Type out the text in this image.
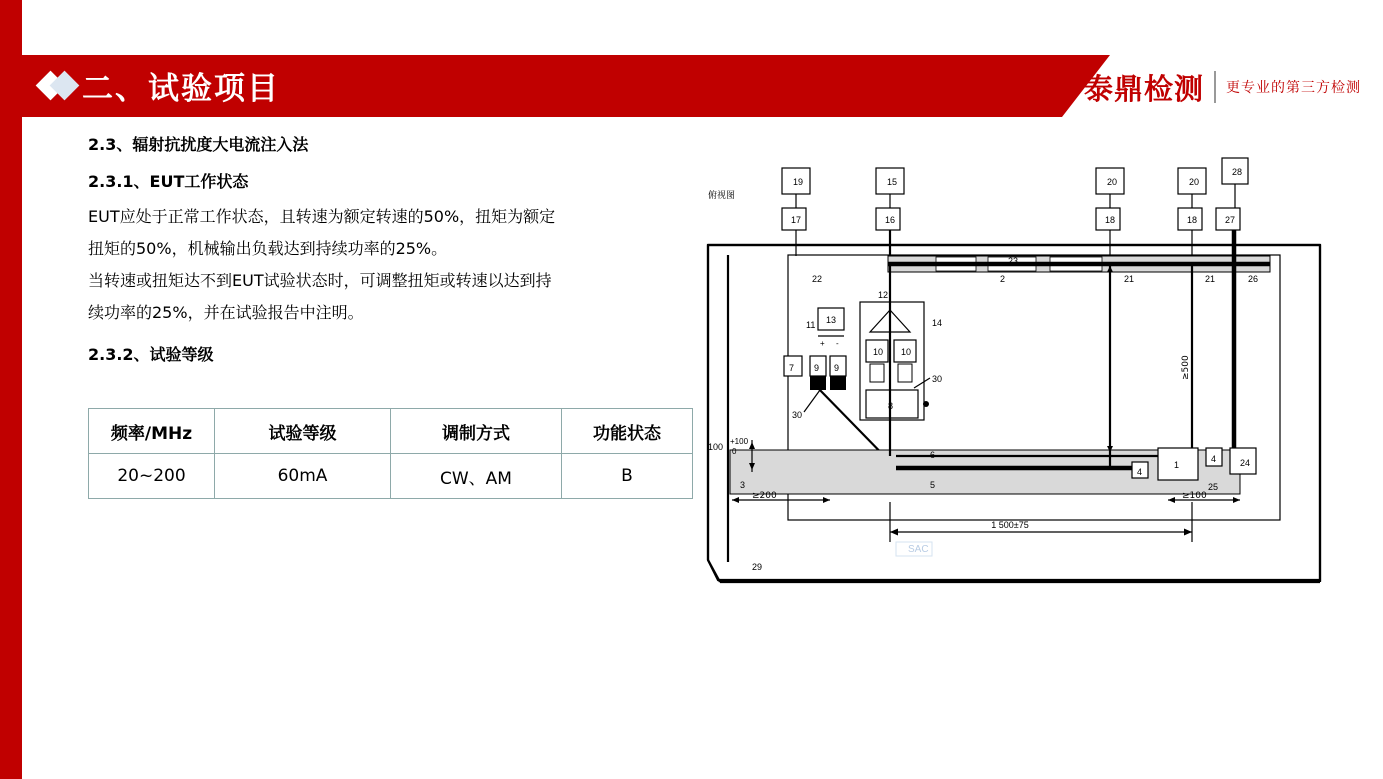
二、试验项目	泰鼎检测 更专业的第三方检测

2.3、辐射抗扰度大电流注入法

2.3.1、EUT工作状态

EUT应处于正常工作状态，且转速为额定转速的50%，扭矩为额定

扭矩的50%，机械输出负载达到持续功率的25%。

当转速或扭矩达不到EUT试验状态时，可调整扭矩或转速以达到持

续功率的25%，并在试验报告中注明。

2.3.2、试验等级

频率/MHz	试验等级	调制方式	功能状态
20~200	60mA	CW、AM	B
19	15	20	20
28
17	16	18	18	27
22	2
23
21	21	26
13
11
+ -
7 9 9
12
14
10 10
8
30
30
3	5
6
1
4
4	24
25
≥500
1 500±75
≥200	≥100
100
+100
0
29
俯视图
SAC
